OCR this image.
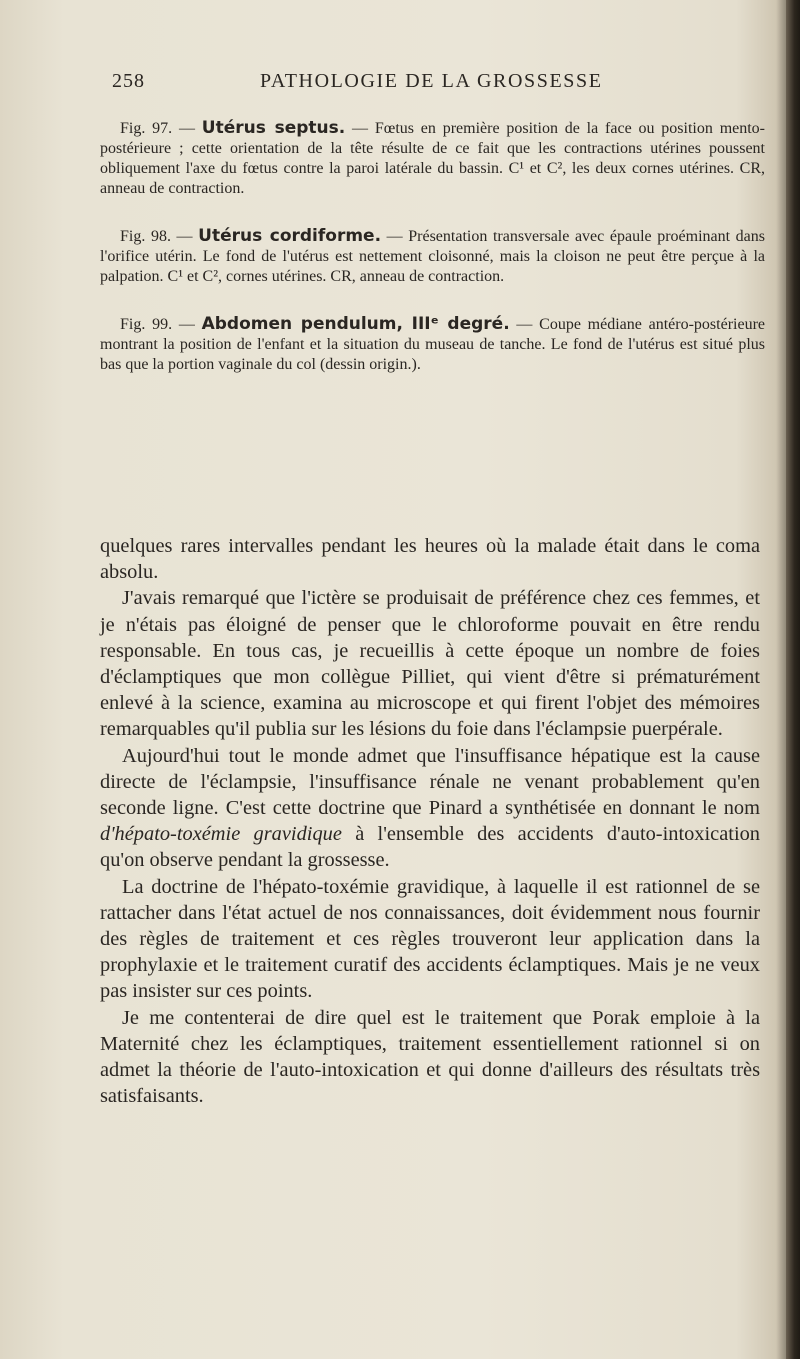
258	PATHOLOGIE DE LA GROSSESSE

Fig. 97. — Utérus septus. — Fœtus en première position de la face ou position mento-postérieure ; cette orientation de la tête résulte de ce fait que les contractions utérines poussent obliquement l'axe du fœtus contre la paroi latérale du bassin. C¹ et C², les deux cornes utérines. CR, anneau de contraction.

Fig. 98. — Utérus cordiforme. — Présentation transversale avec épaule proéminant dans l'orifice utérin. Le fond de l'utérus est nettement cloisonné, mais la cloison ne peut être perçue à la palpation. C¹ et C², cornes utérines. CR, anneau de contraction.

Fig. 99. — Abdomen pendulum, IIIᵉ degré. — Coupe médiane antéro-postérieure montrant la position de l'enfant et la situation du museau de tanche. Le fond de l'utérus est situé plus bas que la portion vaginale du col (dessin origin.).

quelques rares intervalles pendant les heures où la malade était dans le coma absolu.

J'avais remarqué que l'ictère se produisait de préférence chez ces femmes, et je n'étais pas éloigné de penser que le chloroforme pouvait en être rendu responsable. En tous cas, je recueillis à cette époque un nombre de foies d'éclamptiques que mon collègue Pilliet, qui vient d'être si prématurément enlevé à la science, examina au microscope et qui firent l'objet des mémoires remarquables qu'il publia sur les lésions du foie dans l'éclampsie puerpérale.

Aujourd'hui tout le monde admet que l'insuffisance hépatique est la cause directe de l'éclampsie, l'insuffisance rénale ne venant probablement qu'en seconde ligne. C'est cette doctrine que Pinard a synthétisée en donnant le nom d'hépato-toxémie gravidique à l'ensemble des accidents d'auto-intoxication qu'on observe pendant la grossesse.

La doctrine de l'hépato-toxémie gravidique, à laquelle il est rationnel de se rattacher dans l'état actuel de nos connaissances, doit évidemment nous fournir des règles de traitement et ces règles trouveront leur application dans la prophylaxie et le traitement curatif des accidents éclamptiques. Mais je ne veux pas insister sur ces points.

Je me contenterai de dire quel est le traitement que Porak emploie à la Maternité chez les éclamptiques, traitement essentiellement rationnel si on admet la théorie de l'auto-intoxication et qui donne d'ailleurs des résultats très satisfaisants.
